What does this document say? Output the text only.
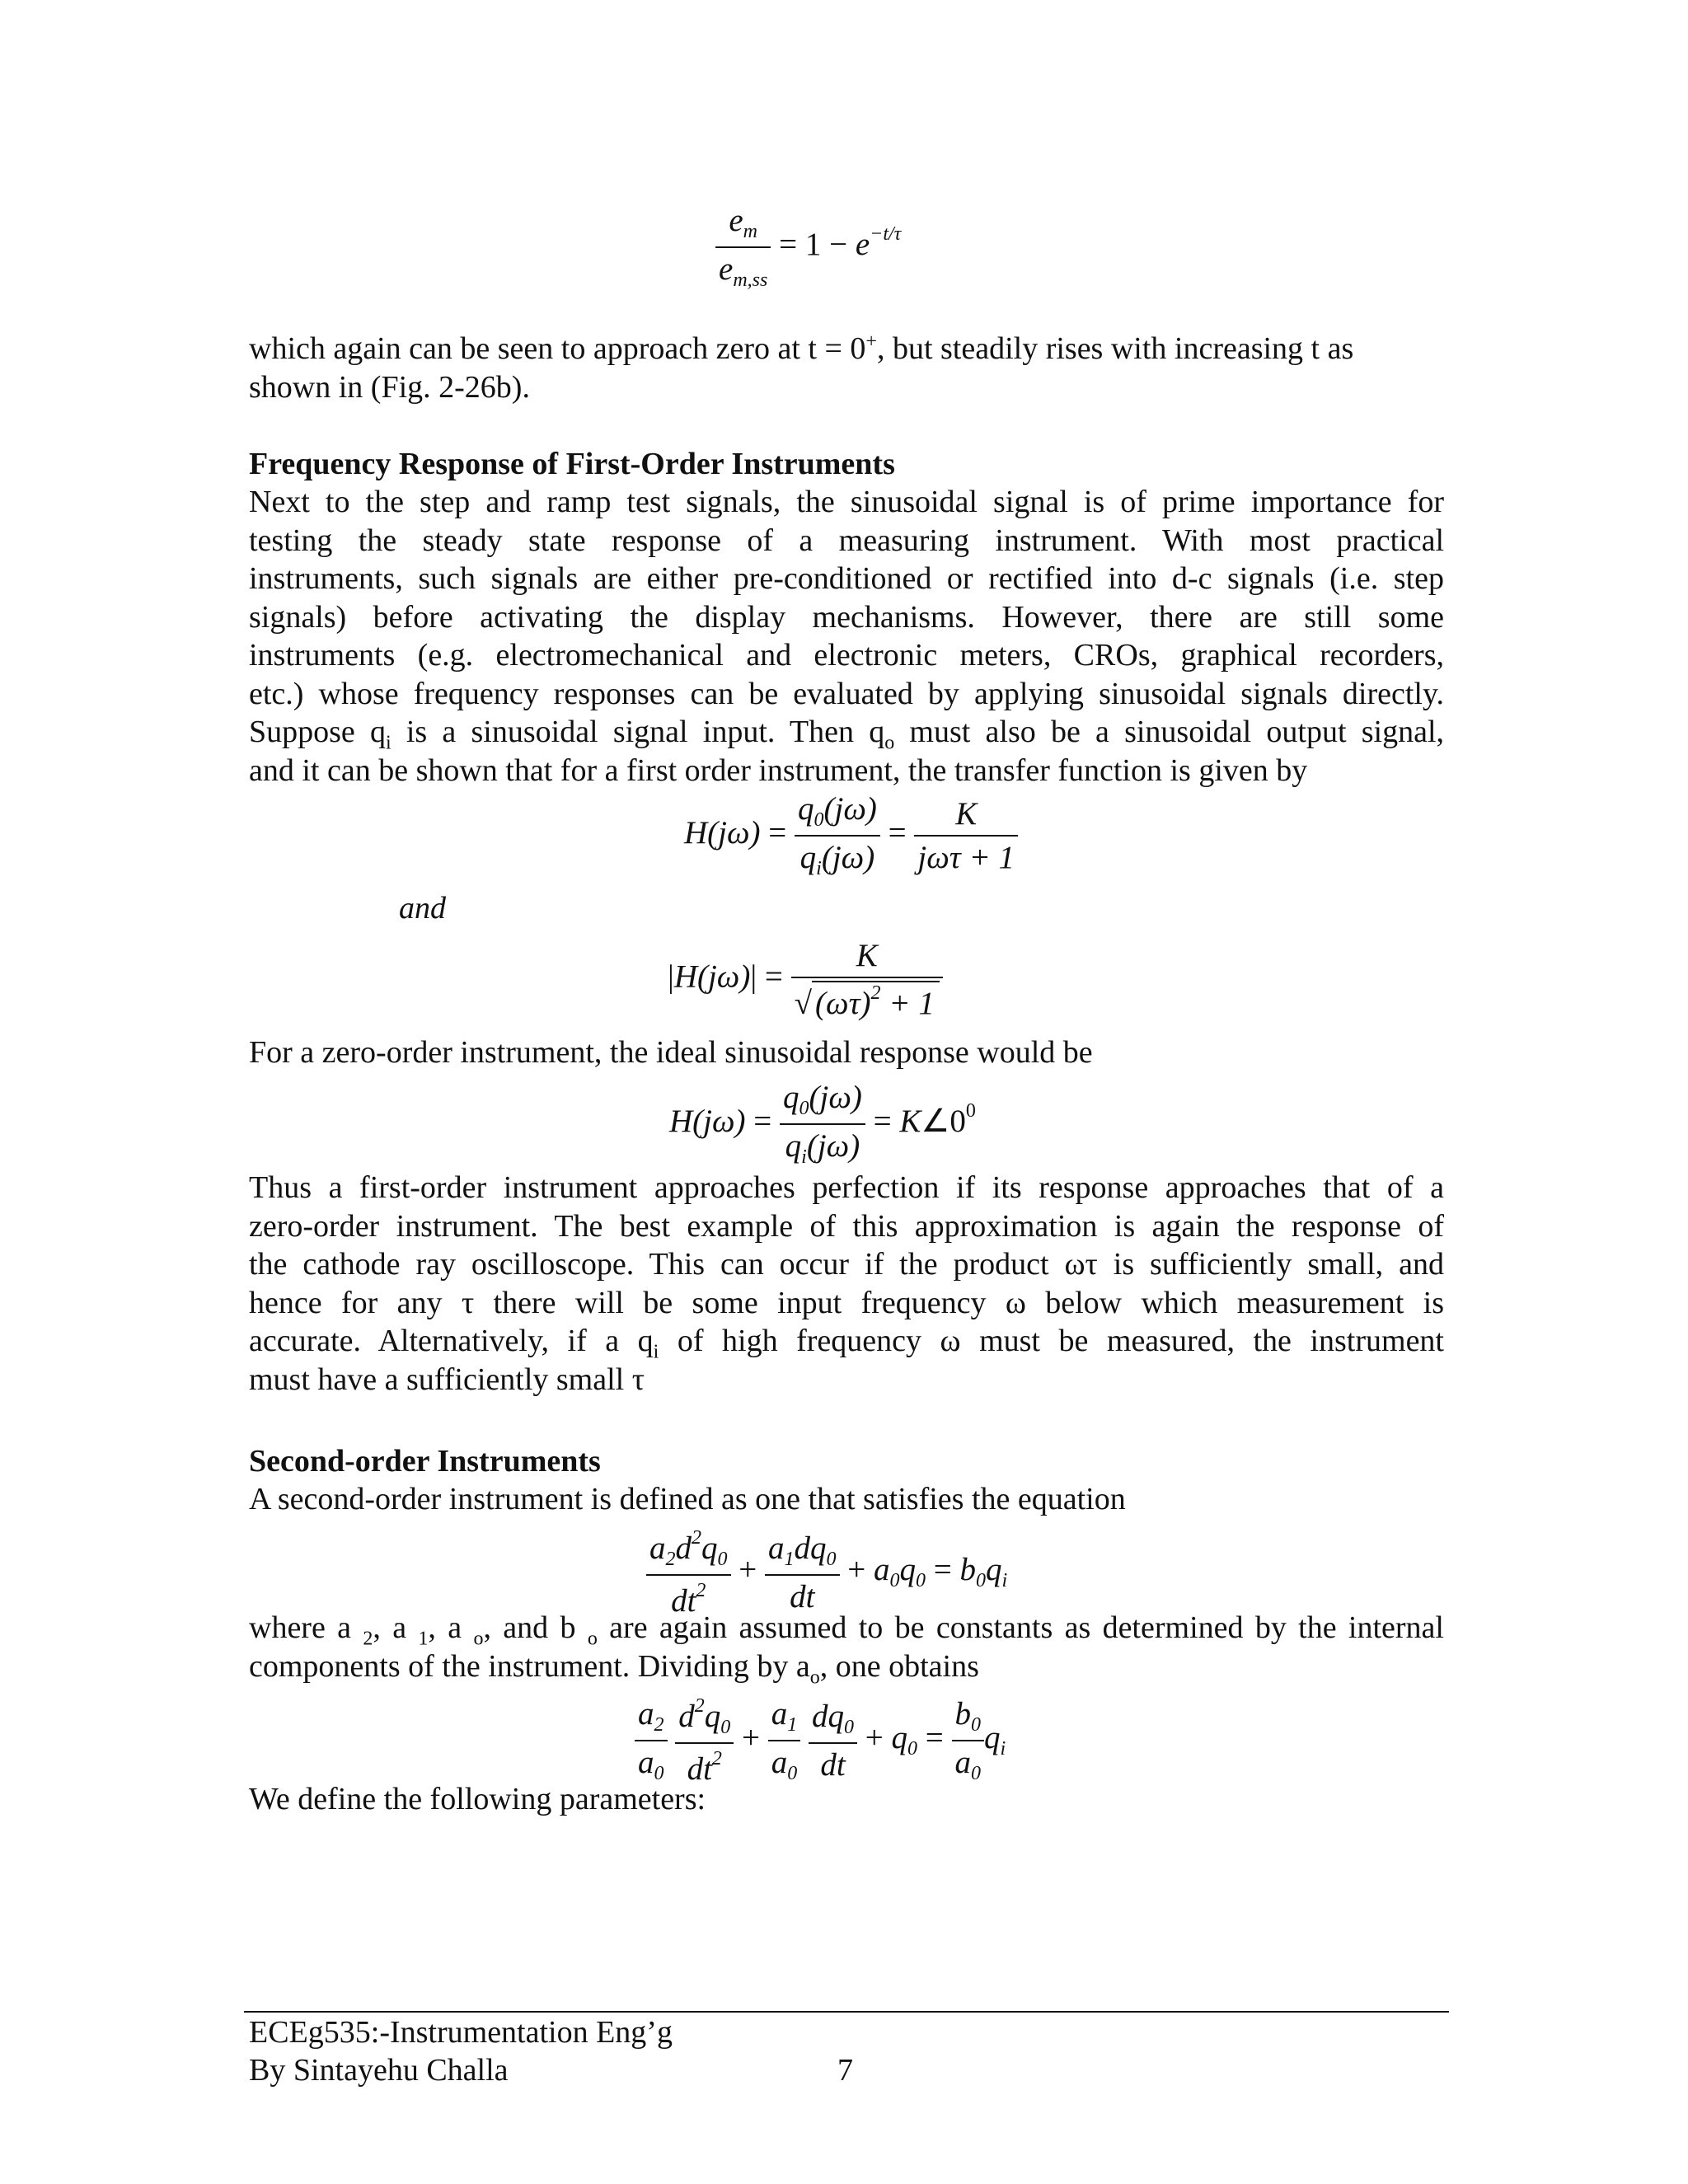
$\frac{e_m}{e_{m,ss}} = 1 - e^{-t/\tau}$
which again can be seen to approach zero at t = 0+, but steadily rises with increasing t as
shown in (Fig. 2-26b).
Frequency Response of First-Order Instruments
Next to the step and ramp test signals, the sinusoidal signal is of prime importance for
testing the steady state response of a measuring instrument. With most practical
instruments, such signals are either pre-conditioned or rectified into d-c signals (i.e. step
signals) before activating the display mechanisms. However, there are still some
instruments (e.g. electromechanical and electronic meters, CROs, graphical recorders,
etc.) whose frequency responses can be evaluated by applying sinusoidal signals directly.
Suppose $q_i$ is a sinusoidal signal input. Then $q_o$ must also be a sinusoidal output signal,
and it can be shown that for a first order instrument, the transfer function is given by
$H(j\omega) = \frac{q_0(j\omega)}{q_i(j\omega)} = \frac{K}{\text{jωτ + 1}}$
and
$|H(j\omega)| = \frac{K}{√ (\omega\tau)^2 + 1}$
For a zero-order instrument, the ideal sinusoidal response would be
$H(j\omega) = \frac{q_0(j\omega)}{q_i(j\omega)}$ = $K\angle 0^0$
Thus a first-order instrument approaches perfection if its response approaches that of a
zero-order instrument. The best example of this approximation is again the response of
the cathode ray oscilloscope. This can occur if the product ωτ is sufficiently small, and
hence for any τ there will be some input frequency ω below which measurement is
accurate. Alternatively, if a $q_i$ of high frequency ω must be measured, the instrument
must have a sufficiently small τ
Second-order Instruments
A second-order instrument is defined as one that satisfies the equation
$\frac{a_2d^2q_0}{dt^2} + \frac{a_1dq_0}{dt} + a_0q_0 = b_0q_i$
where a $_2$, a $_1$, a $_o$, and b $_o$ are again assumed to be constants as determined by the internal
components of the instrument. Dividing by $a_o$, one obtains
$\frac{a_2}{a_0}$
$\frac{d^2q_0}{dt^2} + \frac{a_1}{a_0}$
$\frac{dq_0}{dt} + q_0 = \frac{b_0}{a_0} q_i$
We define the following parameters:
ECEg535:-Instrumentation Eng’g
By Sintayehu Challa	7
